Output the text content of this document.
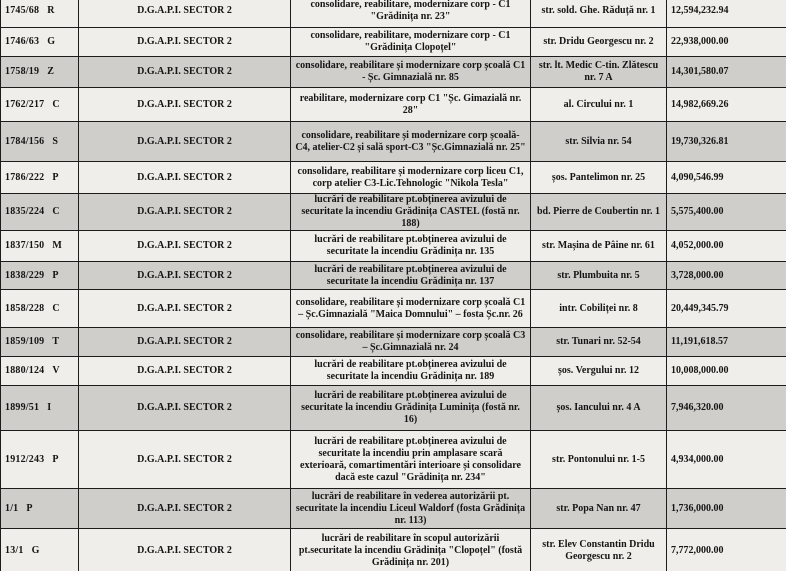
1745/68 R	D.G.A.P.I. SECTOR 2	consolidare, reabilitare, modernizare corp - C1 "Grădinița nr. 23"	str. sold. Ghe. Răduță nr. 1	12,594,232.94
1746/63 G	D.G.A.P.I. SECTOR 2	consolidare, reabilitare, modernizare corp - C1 "Grădinița Clopoțel"	str. Dridu Georgescu nr. 2	22,938,000.00
1758/19 Z	D.G.A.P.I. SECTOR 2	consolidare, reabilitare și modernizare corp școală C1 - Șc. Gimnazială nr. 85	str. lt. Medic C-tin. Zlătescu nr. 7 A	14,301,580.07
1762/217 C	D.G.A.P.I. SECTOR 2	reabilitare, modernizare corp C1 "Șc. Gimazială nr. 28"	al. Circului nr. 1	14,982,669.26
1784/156 S	D.G.A.P.I. SECTOR 2	consolidare, reabilitare și modernizare corp școală-C4, atelier-C2 și sală sport-C3 "Șc.Gimnazială nr. 25"	str. Silvia nr. 54	19,730,326.81
1786/222 P	D.G.A.P.I. SECTOR 2	consolidare, reabilitare și modernizare corp liceu C1, corp atelier C3-Lic.Tehnologic "Nikola Tesla"	șos. Pantelimon nr. 25	4,090,546.99
1835/224 C	D.G.A.P.I. SECTOR 2	lucrări de reabilitare pt.obținerea avizului de securitate la incendiu Grădinița CASTEL (fostă nr. 188)	bd. Pierre de Coubertin nr. 1	5,575,400.00
1837/150 M	D.G.A.P.I. SECTOR 2	lucrări de reabilitare pt.obținerea avizului de securitate la incendiu Grădinița nr. 135	str. Mașina de Pâine nr. 61	4,052,000.00
1838/229 P	D.G.A.P.I. SECTOR 2	lucrări de reabilitare pt.obținerea avizului de securitate la incendiu Grădinița nr. 137	str. Plumbuita nr. 5	3,728,000.00
1858/228 C	D.G.A.P.I. SECTOR 2	consolidare, reabilitare și modernizare corp școală C1 – Șc.Gimnazială "Maica Domnului" – fosta Șc.nr. 26	intr. Cobiliței nr. 8	20,449,345.79
1859/109 T	D.G.A.P.I. SECTOR 2	consolidare, reabilitare și modernizare corp școală C3 – Șc.Gimnazială nr. 24	str. Tunari nr. 52-54	11,191,618.57
1880/124 V	D.G.A.P.I. SECTOR 2	lucrări de reabilitare pt.obținerea avizului de securitate la incendiu Grădinița nr. 189	șos. Vergului nr. 12	10,008,000.00
1899/51 I	D.G.A.P.I. SECTOR 2	lucrări de reabilitare pt.obținerea avizului de securitate la incendiu Grădinița Luminița (fostă nr. 16)	șos. Iancului nr. 4 A	7,946,320.00
1912/243 P	D.G.A.P.I. SECTOR 2	lucrări de reabilitare pt.obținerea avizului de securitate la incendiu prin amplasare scară exterioară, comartimentări interioare și consolidare dacă este cazul "Grădinița nr. 234"	str. Pontonului nr. 1-5	4,934,000.00
1/1 P	D.G.A.P.I. SECTOR 2	lucrări de reabilitare în vederea autorizării pt. securitate la incendiu Liceul Waldorf (fosta Grădinița nr. 113)	str. Popa Nan nr. 47	1,736,000.00
13/1 G	D.G.A.P.I. SECTOR 2	lucrări de reabilitare în scopul autorizării pt.securitate la incendiu Grădinița "Clopoțel" (fostă Grădinița nr. 201)	str. Elev Constantin Dridu Georgescu nr. 2	7,772,000.00
